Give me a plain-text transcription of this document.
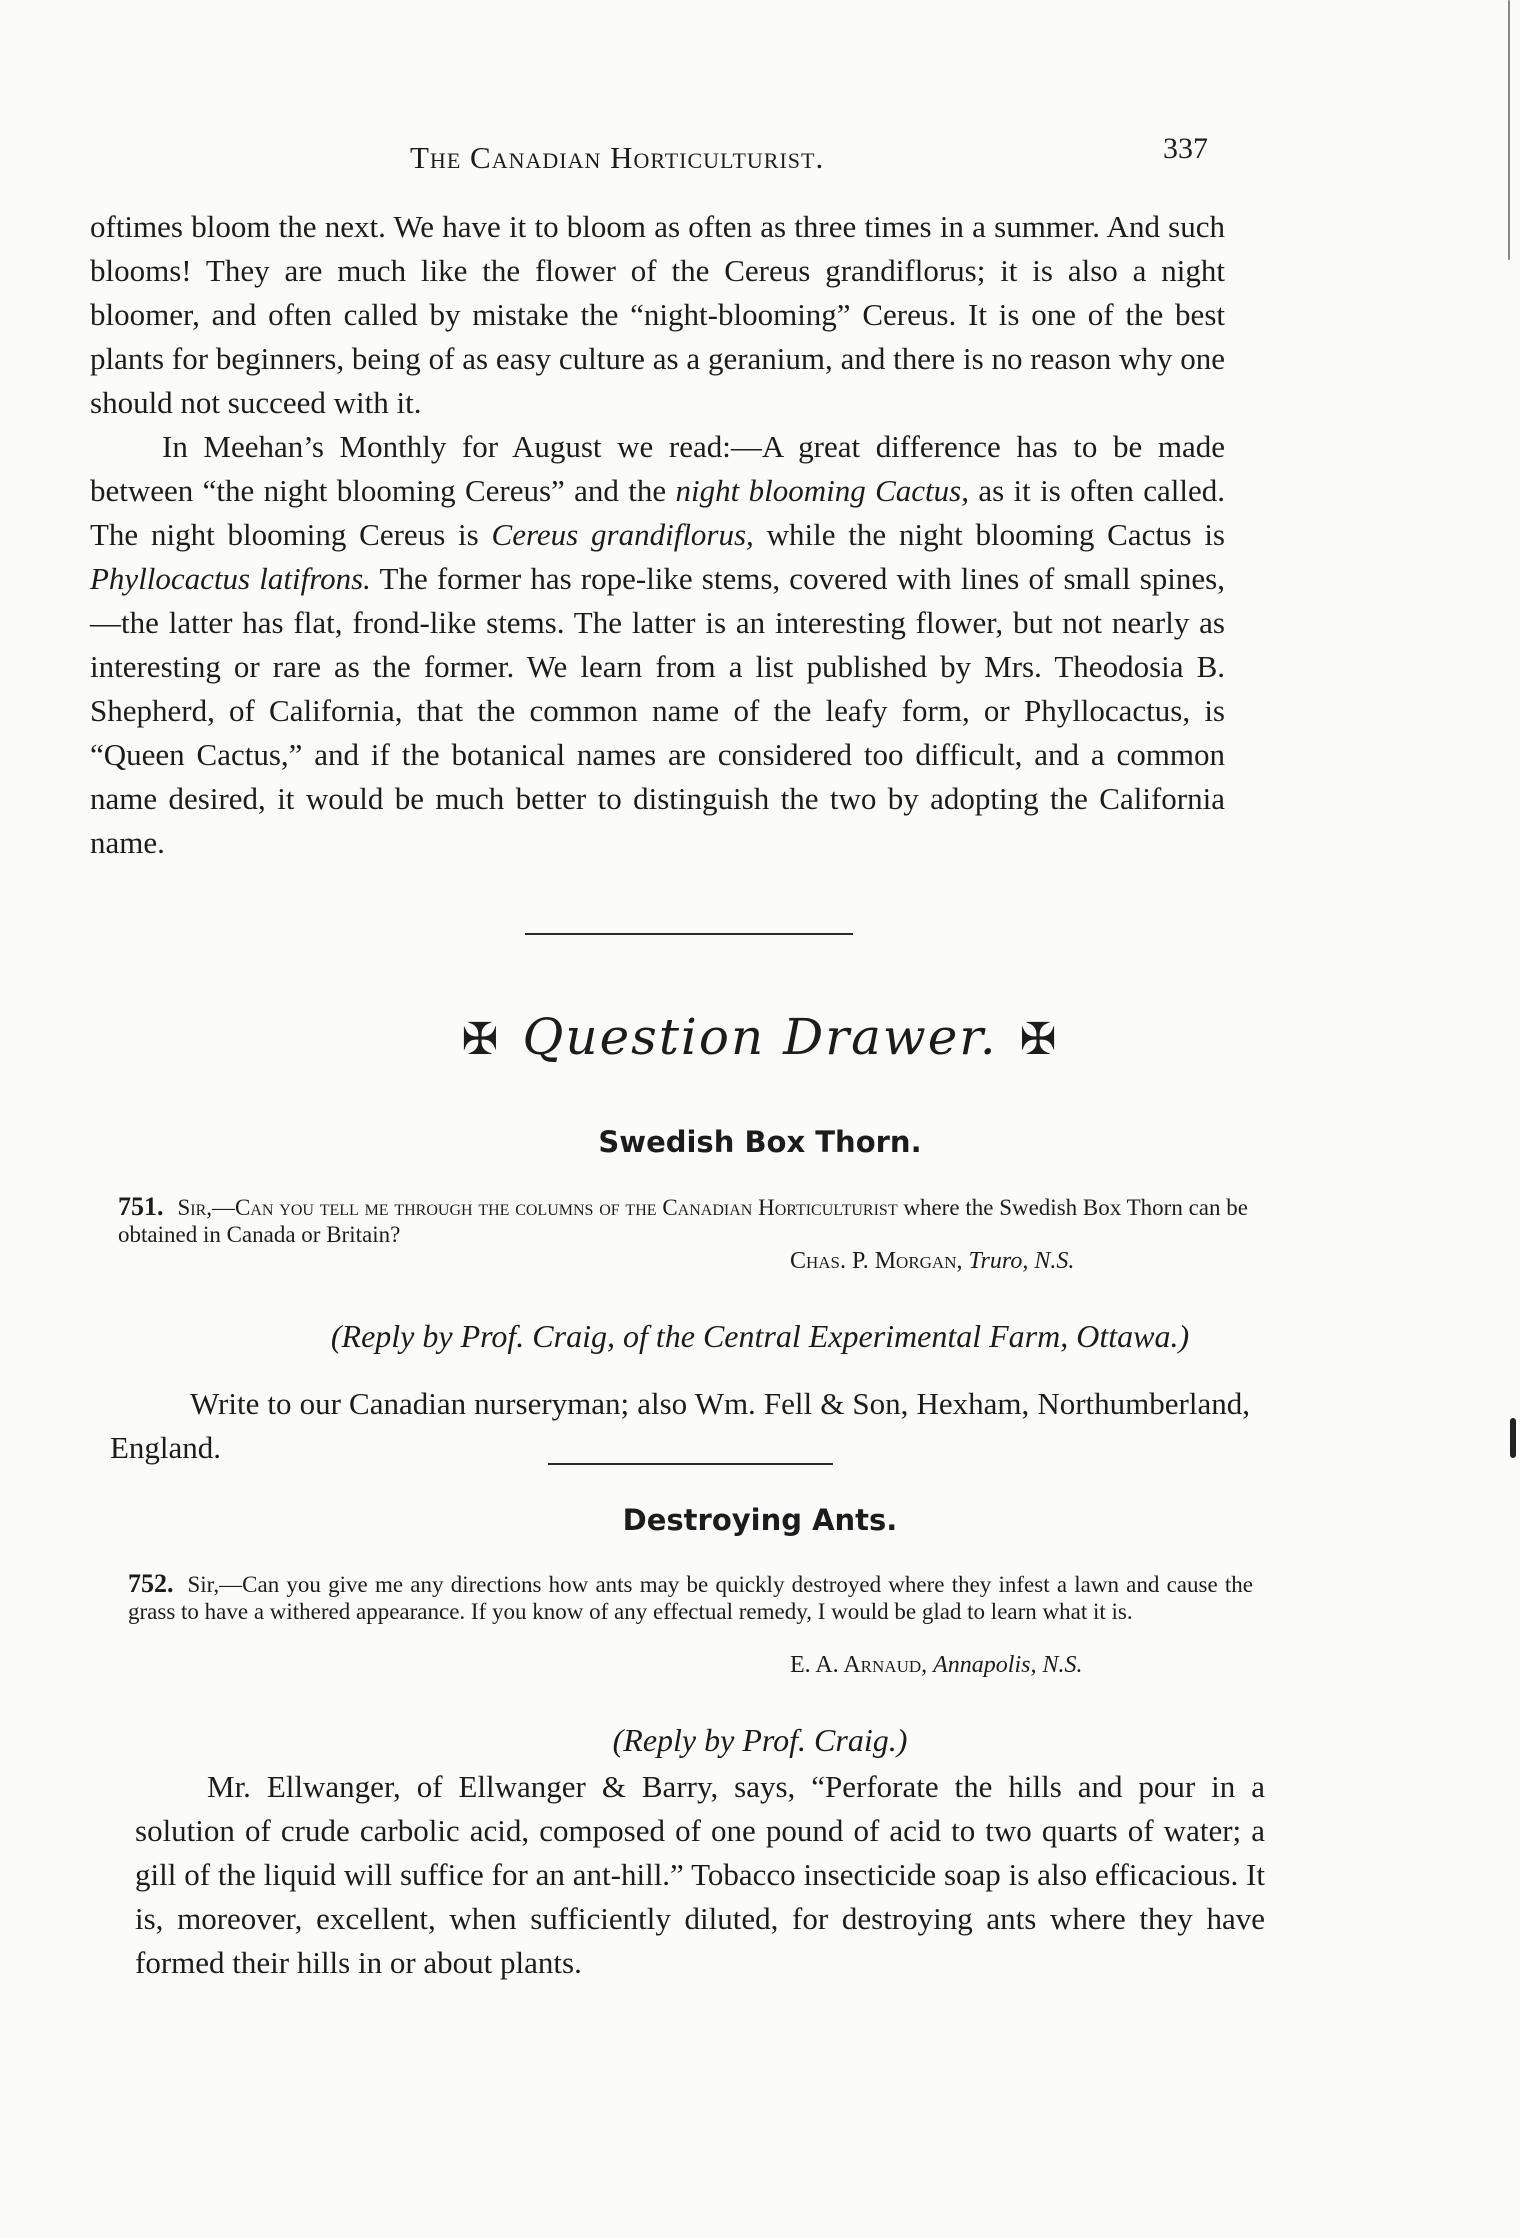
The Canadian Horticulturist.	337

oftimes bloom the next. We have it to bloom as often as three times in a summer. And such blooms! They are much like the flower of the Cereus grandiflorus; it is also a night bloomer, and often called by mistake the “night-blooming” Cereus. It is one of the best plants for beginners, being of as easy culture as a geranium, and there is no reason why one should not succeed with it.

In Meehan’s Monthly for August we read:—A great difference has to be made between “the night blooming Cereus” and the night blooming Cactus, as it is often called. The night blooming Cereus is Cereus grandiflorus, while the night blooming Cactus is Phyllocactus latifrons. The former has rope-like stems, covered with lines of small spines,—the latter has flat, frond-like stems. The latter is an interesting flower, but not nearly as interesting or rare as the former. We learn from a list published by Mrs. Theodosia B. Shepherd, of California, that the common name of the leafy form, or Phyllocactus, is “Queen Cactus,” and if the botanical names are considered too difficult, and a common name desired, it would be much better to distinguish the two by adopting the California name.

✠ Question Drawer. ✠
Swedish Box Thorn.
751. Sir,—Can you tell me through the columns of the Canadian Horticulturist where the Swedish Box Thorn can be obtained in Canada or Britain?
Chas. P. Morgan, Truro, N.S.
(Reply by Prof. Craig, of the Central Experimental Farm, Ottawa.)

Write to our Canadian nurseryman; also Wm. Fell & Son, Hexham, Northumberland, England.

Destroying Ants.
752. Sir,—Can you give me any directions how ants may be quickly destroyed where they infest a lawn and cause the grass to have a withered appearance. If you know of any effectual remedy, I would be glad to learn what it is.
E. A. Arnaud, Annapolis, N.S.
(Reply by Prof. Craig.)

Mr. Ellwanger, of Ellwanger & Barry, says, “Perforate the hills and pour in a solution of crude carbolic acid, composed of one pound of acid to two quarts of water; a gill of the liquid will suffice for an ant-hill.” Tobacco insecticide soap is also efficacious. It is, moreover, excellent, when sufficiently diluted, for destroying ants where they have formed their hills in or about plants.
